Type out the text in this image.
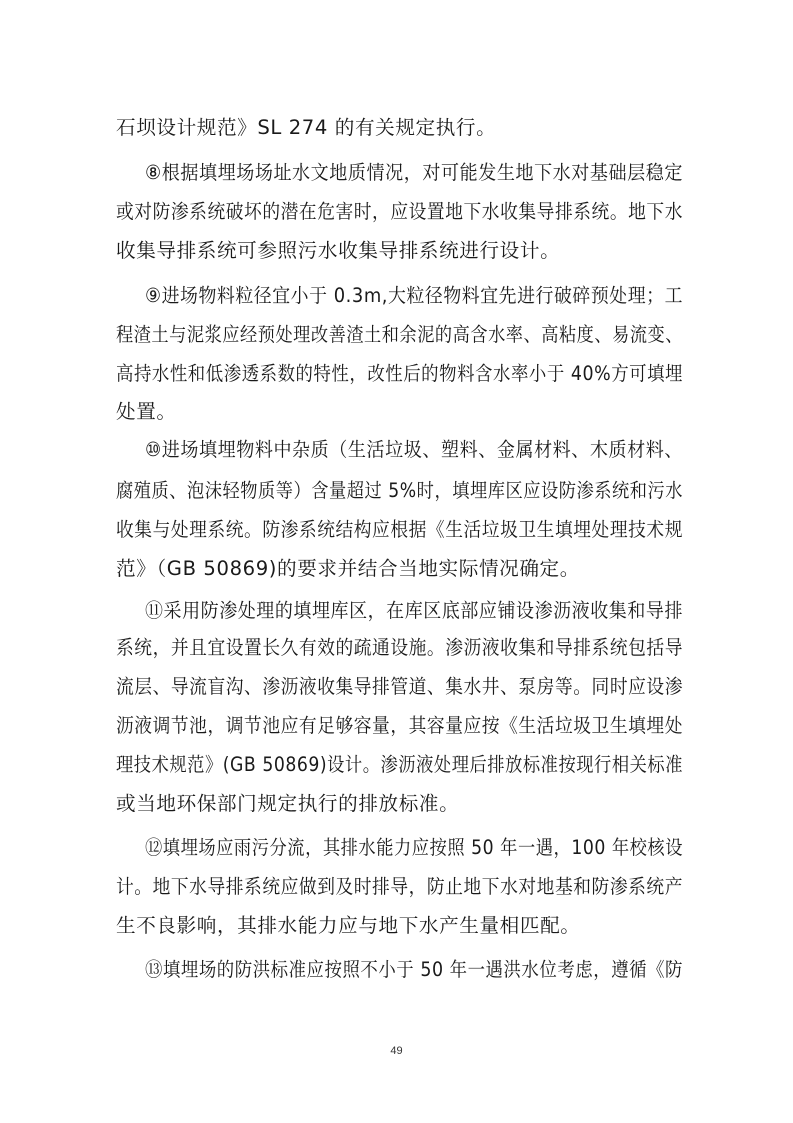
石坝设计规范》SL 274 的有关规定执行。
⑧根据填埋场场址水文地质情况，对可能发生地下水对基础层稳定
或对防渗系统破坏的潜在危害时，应设置地下水收集导排系统。地下水
收集导排系统可参照污水收集导排系统进行设计。
⑨进场物料粒径宜小于 0.3m,大粒径物料宜先进行破碎预处理；工
程渣土与泥浆应经预处理改善渣土和余泥的高含水率、高粘度、易流变、
高持水性和低渗透系数的特性，改性后的物料含水率小于 40%方可填埋
处置。
⑩进场填埋物料中杂质（生活垃圾、塑料、金属材料、木质材料、
腐殖质、泡沫轻物质等）含量超过 5%时，填埋库区应设防渗系统和污水
收集与处理系统。防渗系统结构应根据《生活垃圾卫生填埋处理技术规
范》（GB 50869)的要求并结合当地实际情况确定。
⑪采用防渗处理的填埋库区，在库区底部应铺设渗沥液收集和导排
系统，并且宜设置长久有效的疏通设施。渗沥液收集和导排系统包括导
流层、导流盲沟、渗沥液收集导排管道、集水井、泵房等。同时应设渗
沥液调节池，调节池应有足够容量，其容量应按《生活垃圾卫生填埋处
理技术规范》(GB 50869)设计。渗沥液处理后排放标准按现行相关标准
或当地环保部门规定执行的排放标准。
⑫填埋场应雨污分流，其排水能力应按照 50 年一遇，100 年校核设
计。地下水导排系统应做到及时排导，防止地下水对地基和防渗系统产
生不良影响，其排水能力应与地下水产生量相匹配。
⑬填埋场的防洪标准应按照不小于 50 年一遇洪水位考虑，遵循《防
49
